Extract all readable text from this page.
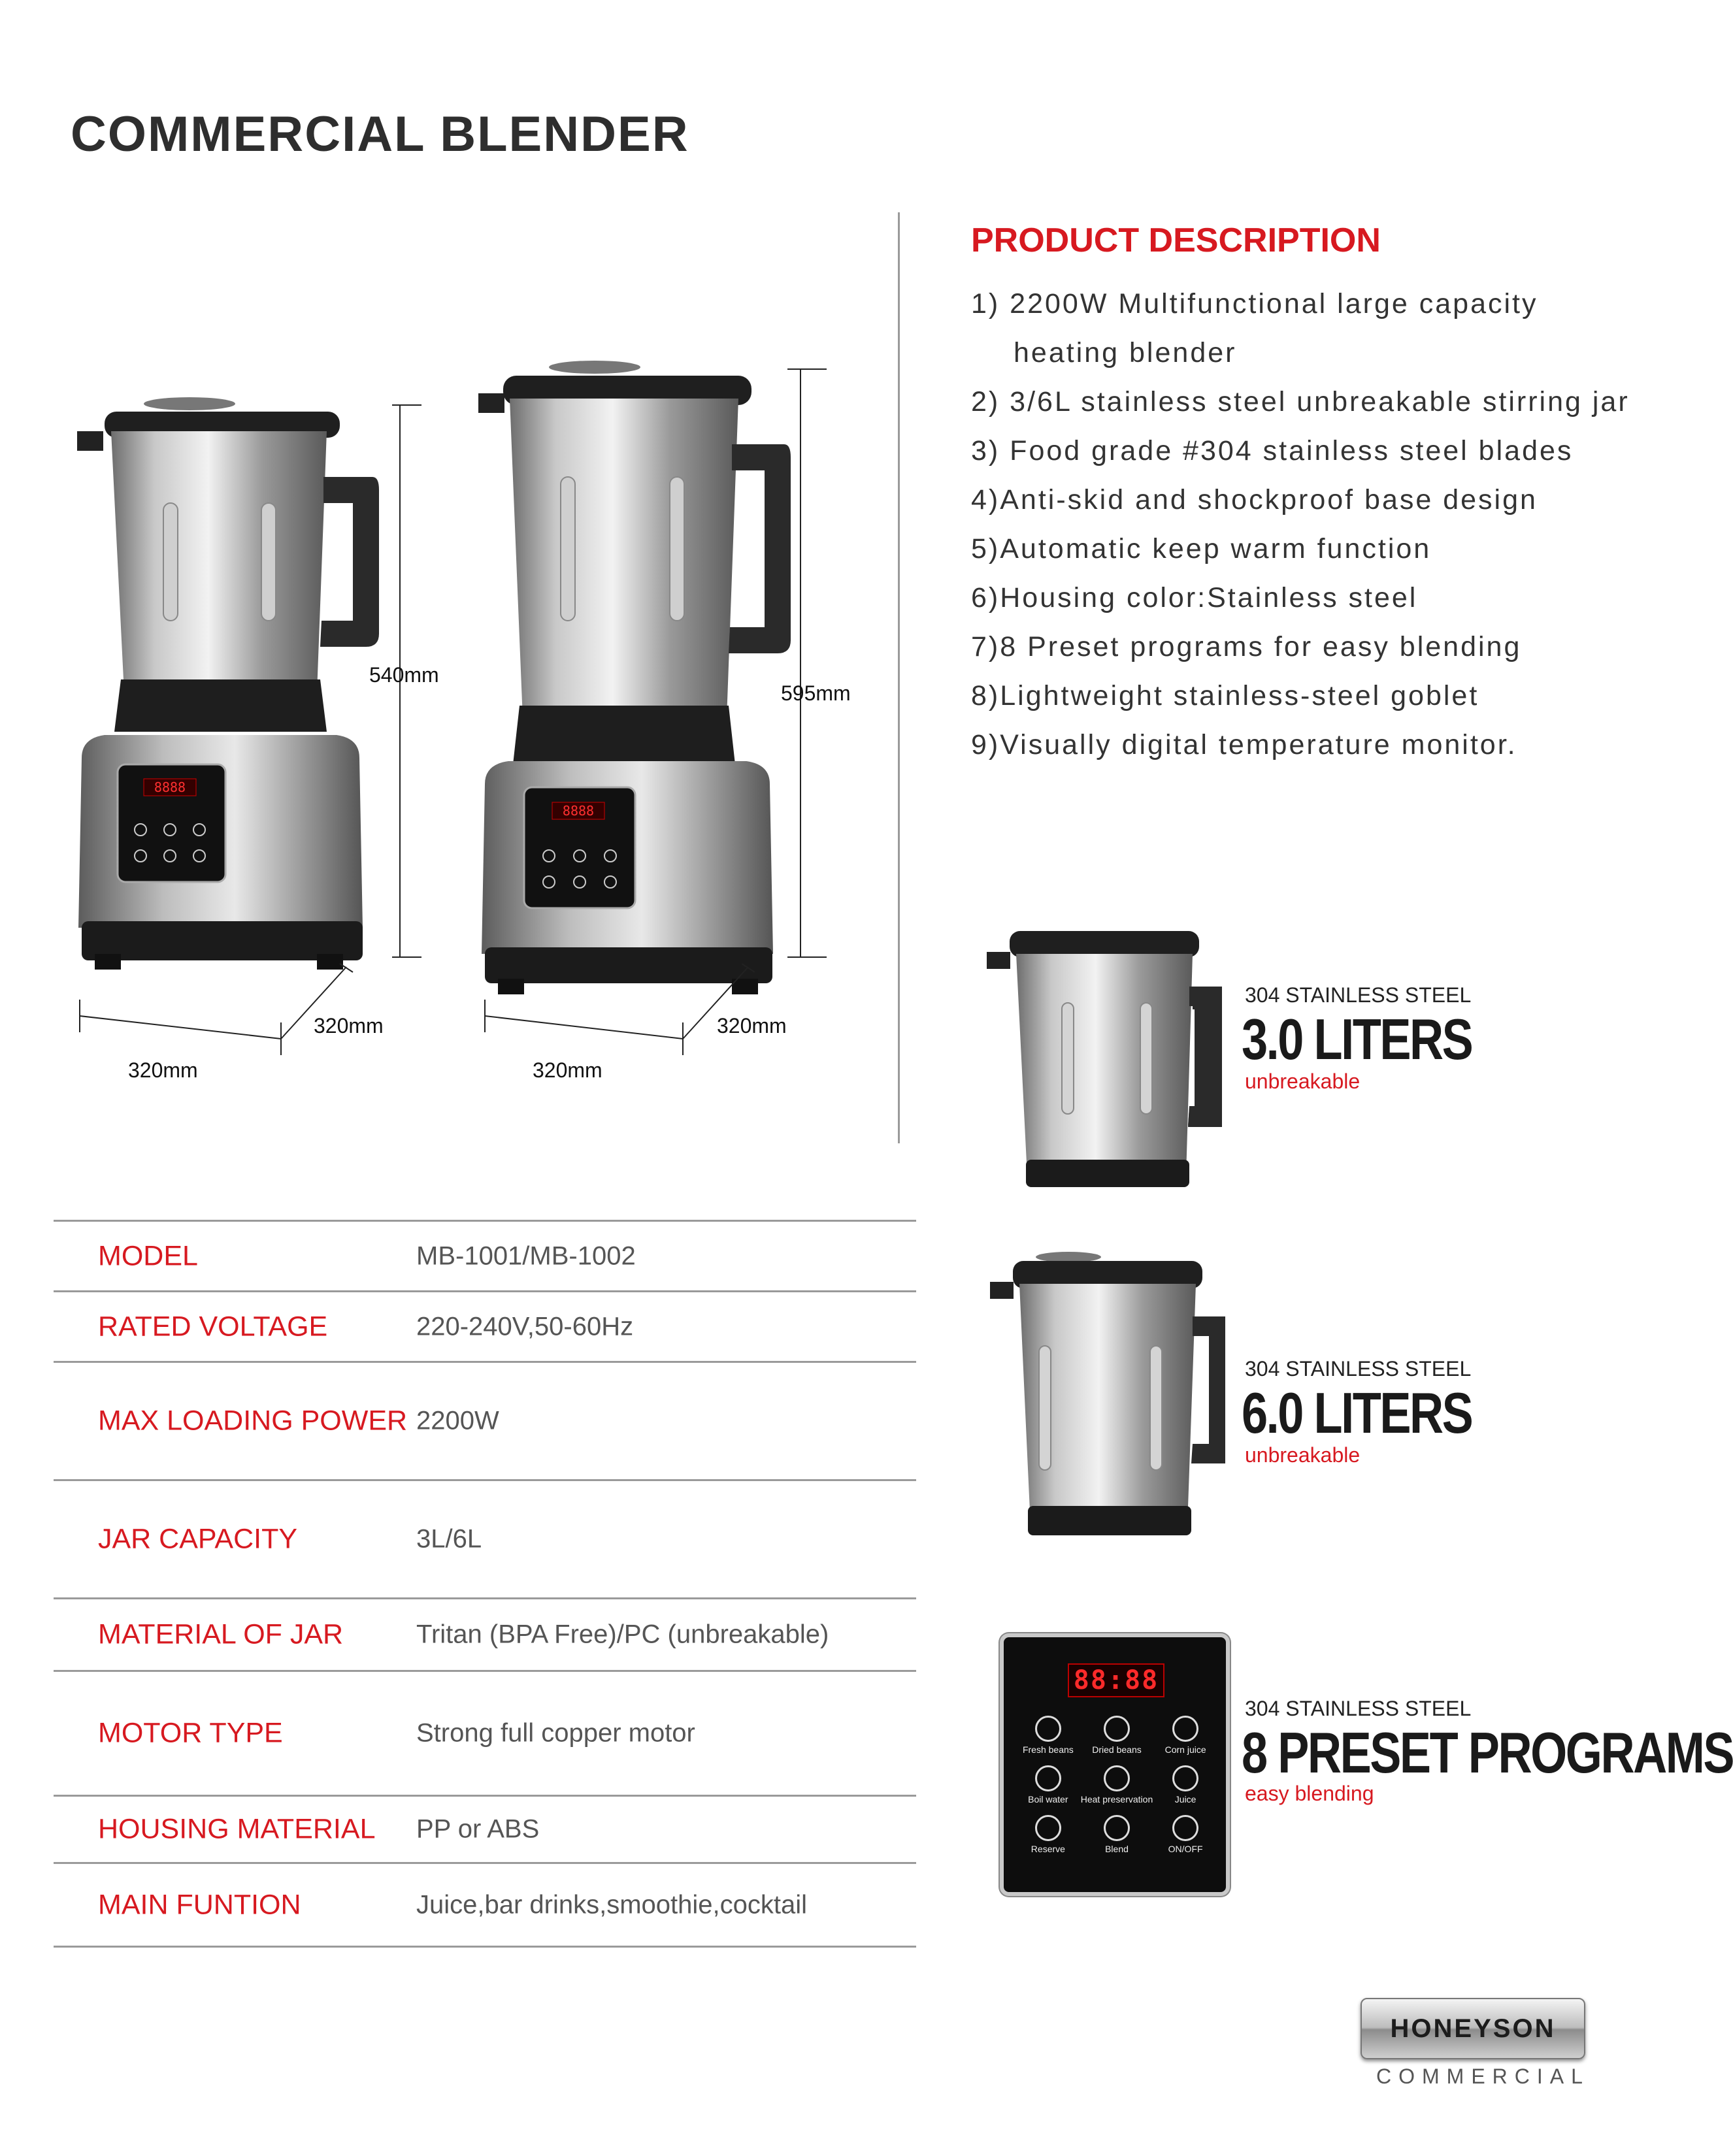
COMMERCIAL BLENDER
8888
8888
540mm
320mm
320mm
595mm
320mm
320mm
PRODUCT DESCRIPTION
1) 2200W Multifunctional large capacity
heating blender
2) 3/6L stainless steel unbreakable stirring jar
3) Food grade #304 stainless steel blades
4)Anti-skid and shockproof base design
5)Automatic keep warm function
6)Housing color:Stainless steel
7)8 Preset programs for easy blending
8)Lightweight stainless-steel goblet
9)Visually digital temperature monitor.
304 STAINLESS STEEL
3.0 LITERS
unbreakable
304 STAINLESS STEEL
6.0 LITERS
unbreakable
88:88
Fresh beans	Dried beans	Corn juice
Boil water	Heat preservation	Juice
Reserve	Blend	ON/OFF
304 STAINLESS STEEL
8 PRESET PROGRAMS
easy blending
MODEL	MB-1001/MB-1002
RATED VOLTAGE	220-240V,50-60Hz
MAX LOADING POWER 2200W
JAR CAPACITY	3L/6L
MATERIAL OF JAR	Tritan (BPA Free)/PC (unbreakable)
MOTOR TYPE	Strong full copper motor
HOUSING MATERIAL PP or ABS
MAIN FUNTION	Juice,bar drinks,smoothie,cocktail
HONEYSON
COMMERCIAL
